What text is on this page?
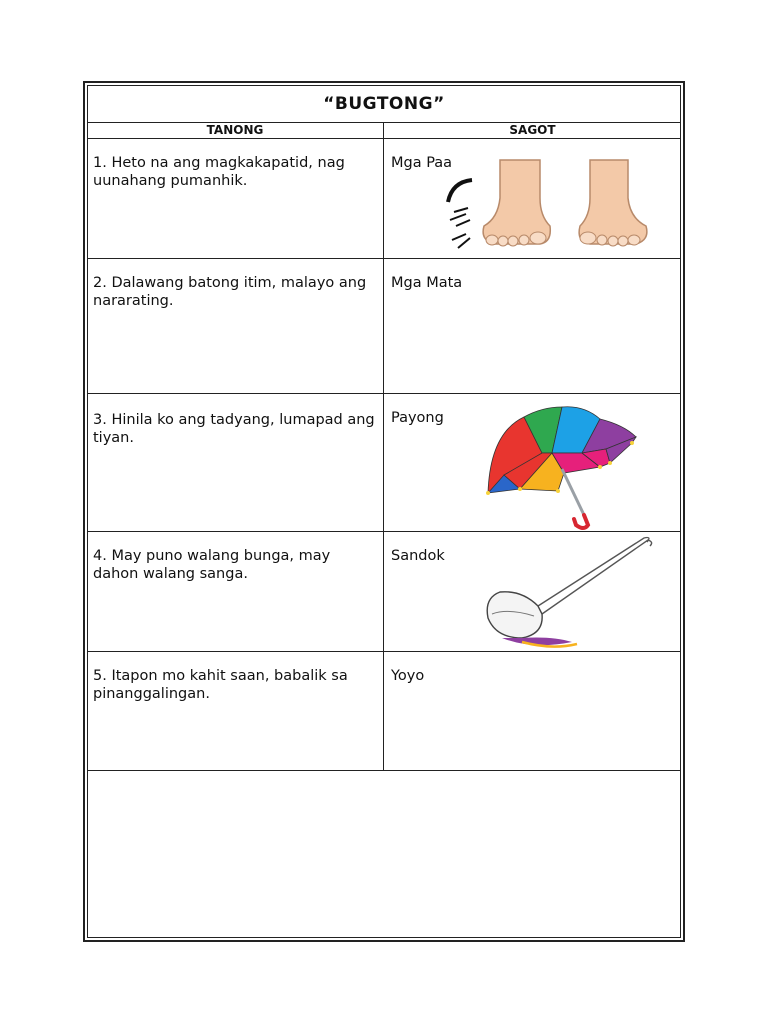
“BUGTONG”
TANONG	SAGOT
1. Heto na ang magkakapatid, nag uunahang pumanhik.
Mga Paa
2. Dalawang batong itim, malayo ang nararating.
Mga Mata
3. Hinila ko ang tadyang, lumapad ang tiyan.
Payong
4. May puno walang bunga, may dahon walang sanga.
Sandok
5. Itapon mo kahit saan, babalik sa pinanggalingan.
Yoyo
